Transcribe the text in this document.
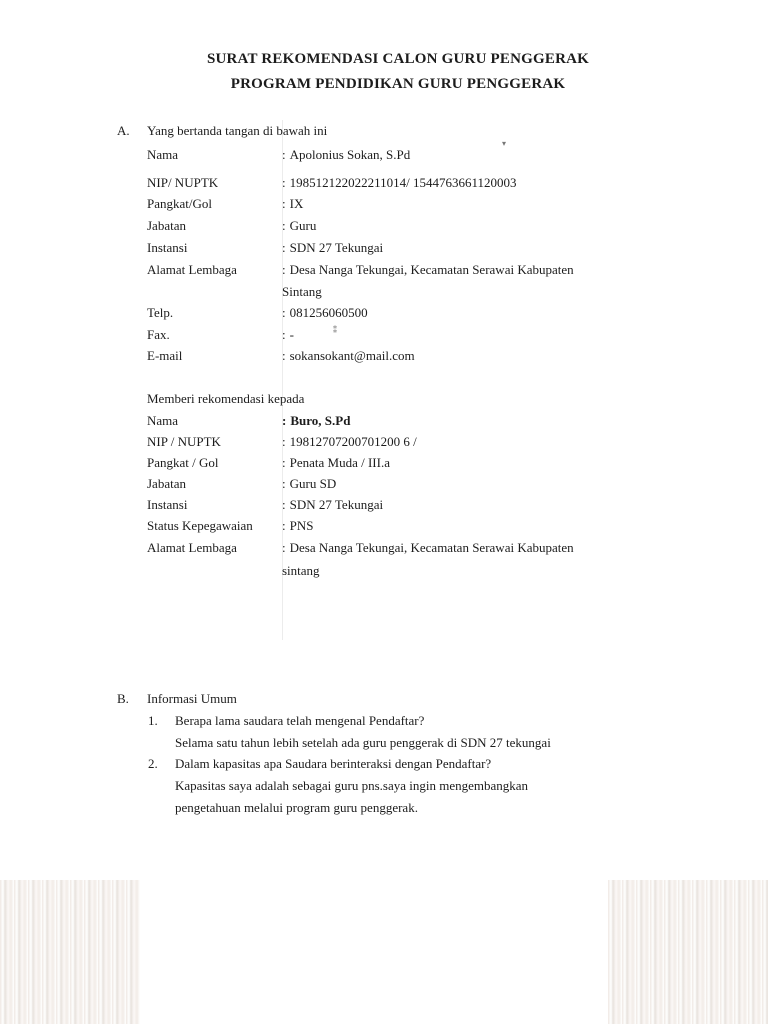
SURAT REKOMENDASI CALON GURU PENGGERAK
PROGRAM PENDIDIKAN GURU PENGGERAK
A. Yang bertanda tangan di bawah ini
Nama	: Apolonius Sokan, S.Pd
NIP/ NUPTK	: 198512122022211014/ 1544763661120003
Pangkat/Gol	: IX
Jabatan	: Guru
Instansi	: SDN 27 Tekungai
Alamat Lembaga	: Desa Nanga Tekungai, Kecamatan Serawai Kabupaten
Sintang
Telp.	: 081256060500
Fax.	: -
E-mail	: sokansokant@mail.com
Memberi rekomendasi kepada
Nama	: Buro, S.Pd
NIP / NUPTK	: 19812707200701200 6 /
Pangkat / Gol	: Penata Muda / III.a
Jabatan	: Guru SD
Instansi	: SDN 27 Tekungai
Status Kepegawaian	: PNS
Alamat Lembaga	: Desa Nanga Tekungai, Kecamatan Serawai Kabupaten
sintang
B. Informasi Umum
1. Berapa lama saudara telah mengenal Pendaftar?
Selama satu tahun lebih setelah ada guru penggerak di SDN 27 tekungai
2. Dalam kapasitas apa Saudara berinteraksi dengan Pendaftar?
Kapasitas saya adalah sebagai guru pns.saya ingin mengembangkan
pengetahuan melalui program guru penggerak.
▾
⁑
